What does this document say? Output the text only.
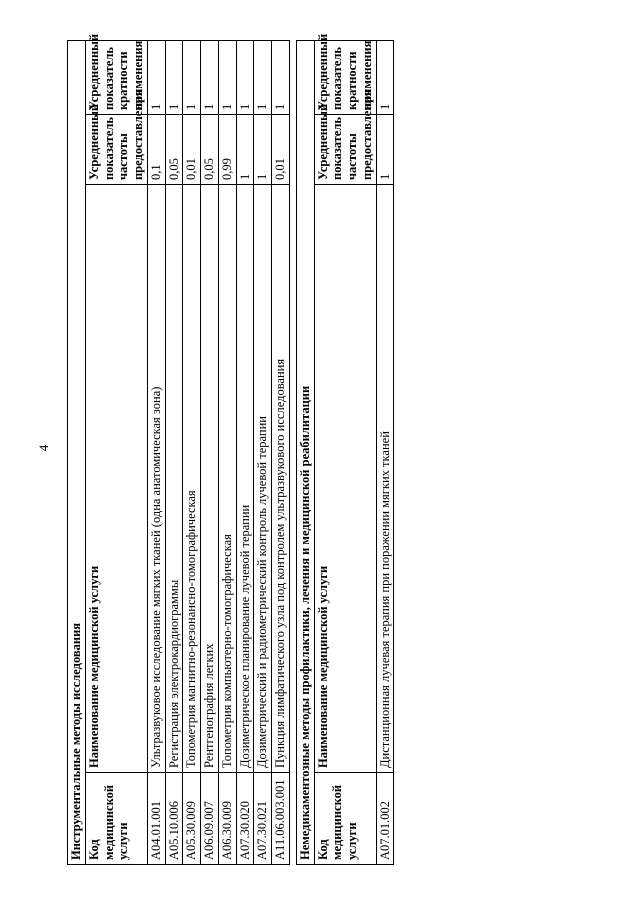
4
Инструментальные методы исследования			
Код медицинской услуги	Наименование медицинской услуги	Усредненный показатель частоты предоставления	Усредненный показатель кратности применения
A04.01.001	Ультразвуковое исследование мягких тканей (одна анатомическая зона)	0,1	1
A05.10.006	Регистрация электрокардиограммы	0,05	1
A05.30.009	Топометрия магнитно-резонансно-томографическая	0,01	1
A06.09.007	Рентгенография легких	0,05	1
A06.30.009	Топометрия компьютерно-томографическая	0,99	1
A07.30.020	Дозиметрическое планирование лучевой терапии	1	1
A07.30.021	Дозиметрический и радиометрический контроль лучевой терапии	1	1
A11.06.003.001	Пункция лимфатического узла под контролем ультразвукового исследования	0,01	1
Немедикаментозные методы профилактики, лечения и медицинской реабилитации			
Код медицинской услуги	Наименование медицинской услуги	Усредненный показатель частоты предоставления	Усредненный показатель кратности применения
A07.01.002	Дистанционная лучевая терапия при поражении мягких тканей	1	1
